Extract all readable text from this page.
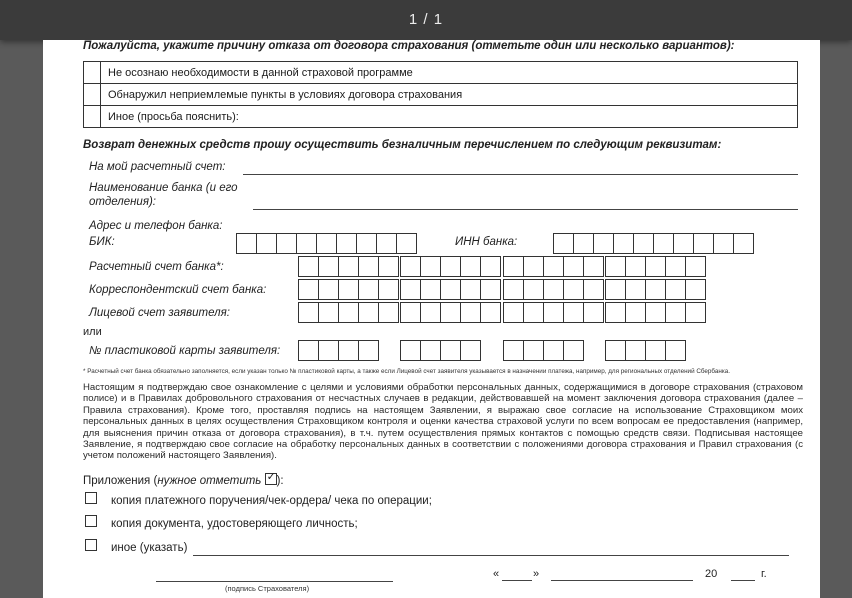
1 / 1
Пожалуйста, укажите причину отказа от договора страхования (отметьте один или несколько вариантов):
	Не осознаю необходимости в данной страховой программе
	Обнаружил неприемлемые пункты в условиях договора страхования
	Иное (просьба пояснить):
Возврат денежных средств прошу осуществить безналичным перечислением по следующим реквизитам:
На мой расчетный счет:
Наименование банка (и его
отделения):
Адрес и телефон банка:
БИК:	ИНН банка:
Расчетный счет банка*:
Корреспондентский счет банка:
Лицевой счет заявителя:
или
№ пластиковой карты заявителя:
* Расчетный счет банка обязательно заполняется, если указан только № пластиковой карты, а также если Лицевой счет заявителя указывается в назначении платежа, например, для региональных отделений Сбербанка.
Настоящим я подтверждаю свое ознакомление с целями и условиями обработки персональных данных, содержащимися в договоре страхования (страховом полисе) и в Правилах добровольного страхования от несчастных случаев в редакции, действовавшей на момент заключения договора страхования (далее – Правила страхования). Кроме того, проставляя подпись на настоящем Заявлении, я выражаю свое согласие на использование Страховщиком моих персональных данных в целях осуществления Страховщиком контроля и оценки качества страховой услуги по всем вопросам ее предоставления (например, для выяснения причин отказа от договора страхования), в т.ч. путем осуществления прямых контактов с помощью средств связи. Подписывая настоящее Заявление, я подтверждаю свое согласие на обработку персональных данных в соответствии с положениями договора страхования и Правил страхования (с учетом положений настоящего Заявления).
Приложения (нужное отметить ✓ ):
копия платежного поручения/чек-ордера/ чека по операции;
копия документа, удостоверяющего личность;
иное (указать)
(подпись Страхователя)
«	»	20	г.
